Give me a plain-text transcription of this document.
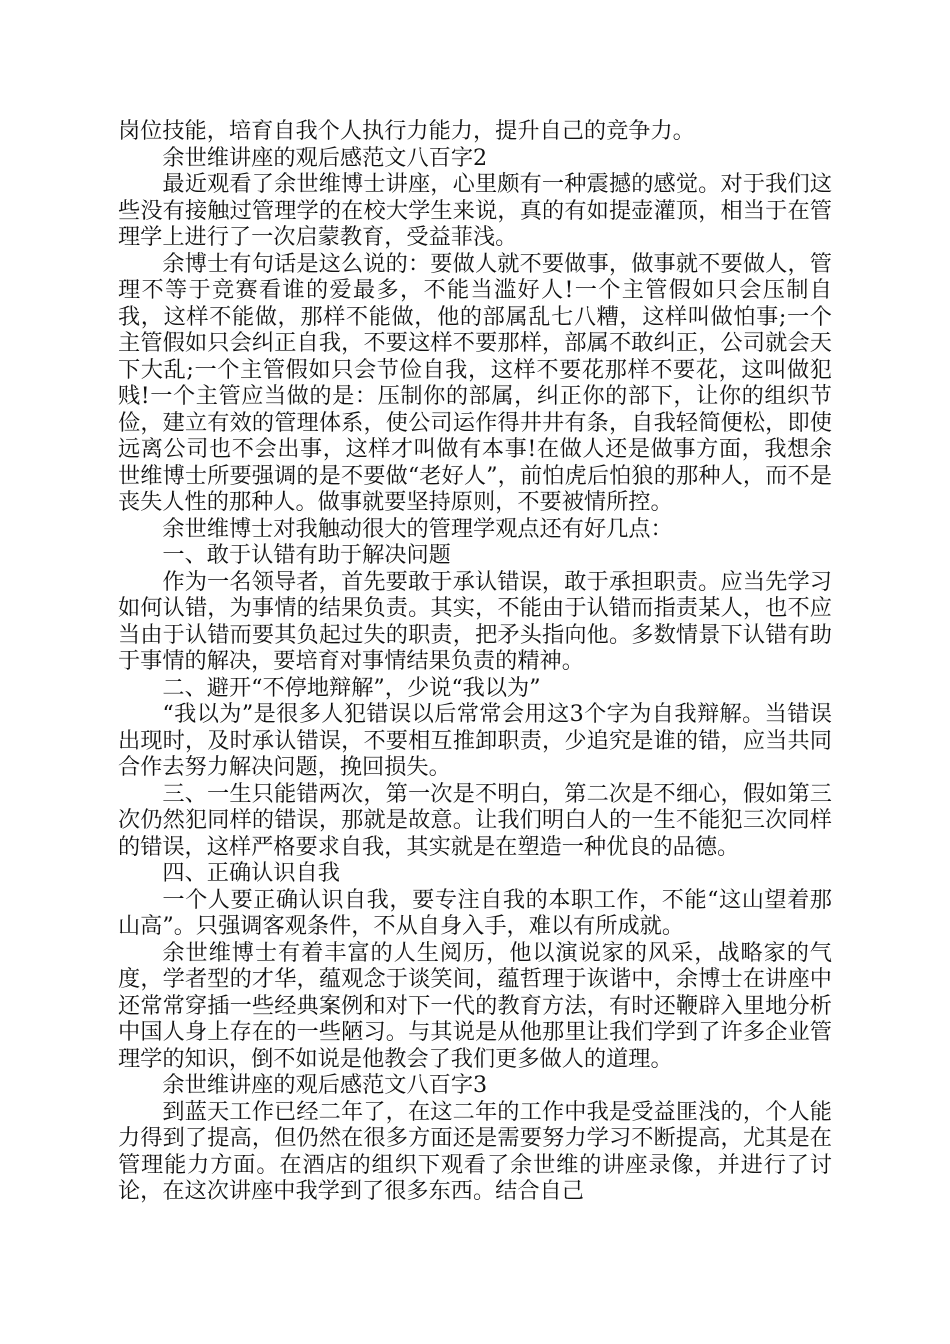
岗位技能，培育自我个人执行力能力，提升自己的竞争力。

余世维讲座的观后感范文八百字2

最近观看了余世维博士讲座，心里颇有一种震撼的感觉。对于我们这些没有接触过管理学的在校大学生来说，真的有如提壶灌顶，相当于在管理学上进行了一次启蒙教育，受益菲浅。

余博士有句话是这么说的：要做人就不要做事，做事就不要做人，管理不等于竞赛看谁的爱最多，不能当滥好人!一个主管假如只会压制自我，这样不能做，那样不能做，他的部属乱七八糟，这样叫做怕事;一个主管假如只会纠正自我，不要这样不要那样，部属不敢纠正，公司就会天下大乱;一个主管假如只会节俭自我，这样不要花那样不要花，这叫做犯贱!一个主管应当做的是：压制你的部属，纠正你的部下，让你的组织节俭，建立有效的管理体系，使公司运作得井井有条，自我轻简便松，即使远离公司也不会出事，这样才叫做有本事!在做人还是做事方面，我想余世维博士所要强调的是不要做“老好人”，前怕虎后怕狼的那种人，而不是丧失人性的那种人。做事就要坚持原则，不要被情所控。

余世维博士对我触动很大的管理学观点还有好几点：

一、敢于认错有助于解决问题

作为一名领导者，首先要敢于承认错误，敢于承担职责。应当先学习如何认错，为事情的结果负责。其实，不能由于认错而指责某人，也不应当由于认错而要其负起过失的职责，把矛头指向他。多数情景下认错有助于事情的解决，要培育对事情结果负责的精神。

二、避开“不停地辩解”，少说“我以为”

“我以为”是很多人犯错误以后常常会用这3个字为自我辩解。当错误出现时，及时承认错误，不要相互推卸职责，少追究是谁的错，应当共同合作去努力解决问题，挽回损失。

三、一生只能错两次，第一次是不明白，第二次是不细心，假如第三次仍然犯同样的错误，那就是故意。让我们明白人的一生不能犯三次同样的错误，这样严格要求自我，其实就是在塑造一种优良的品德。

四、正确认识自我

一个人要正确认识自我，要专注自我的本职工作，不能“这山望着那山高”。只强调客观条件，不从自身入手，难以有所成就。

余世维博士有着丰富的人生阅历，他以演说家的风采，战略家的气度，学者型的才华，蕴观念于谈笑间，蕴哲理于诙谐中，余博士在讲座中还常常穿插一些经典案例和对下一代的教育方法，有时还鞭辟入里地分析中国人身上存在的一些陋习。与其说是从他那里让我们学到了许多企业管理学的知识，倒不如说是他教会了我们更多做人的道理。

余世维讲座的观后感范文八百字3

到蓝天工作已经二年了，在这二年的工作中我是受益匪浅的，个人能力得到了提高，但仍然在很多方面还是需要努力学习不断提高，尤其是在管理能力方面。在酒店的组织下观看了余世维的讲座录像，并进行了讨论，在这次讲座中我学到了很多东西。结合自己
